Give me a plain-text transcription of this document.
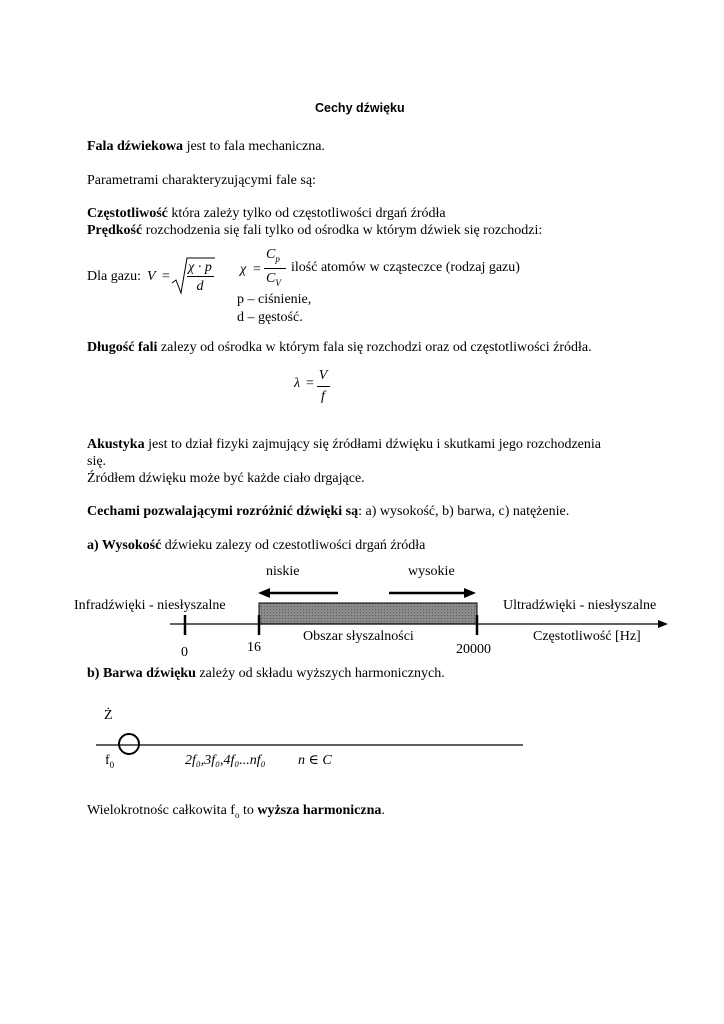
Cechy dźwięku
Fala dźwiekowa jest to fala mechaniczna.
Parametrami charakteryzującymi fale są:
Częstotliwość która zależy tylko od częstotliwości drgań źródła
Prędkość rozchodzenia się fali tylko od ośrodka w którym dźwiek się rozchodzi:
Dla gazu: V =
χ · p
d
χ =
$C_p$
$C_V$
ilość atomów w cząsteczce (rodzaj gazu)
p – ciśnienie,
d – gęstość.
Długość fali zalezy od ośrodka w którym fala się rozchodzi oraz od częstotliwości źródła.
λ =
V
f
Akustyka jest to dział fizyki zajmujący się źródłami dźwięku i skutkami jego rozchodzenia
się.
Źródłem dźwięku może być każde ciało drgające.
Cechami pozwalającymi rozróżnić dźwięki są: a) wysokość, b) barwa, c) natężenie.
a) Wysokość dźwieku zalezy od czestotliwości drgań źródła
niskie	wysokie
Infradźwięki - niesłyszalne	Ultradźwięki - niesłyszalne
Obszar słyszalności	Częstotliwość [Hz]
0	16	20000
b) Barwa dźwięku zależy od składu wyższych harmonicznych.
Ż
$f_0$	2f₀,3f₀,4f₀...nf₀ n ∈ C
Wielokrotnośc całkowita $f_o$ to wyższa harmoniczna.
